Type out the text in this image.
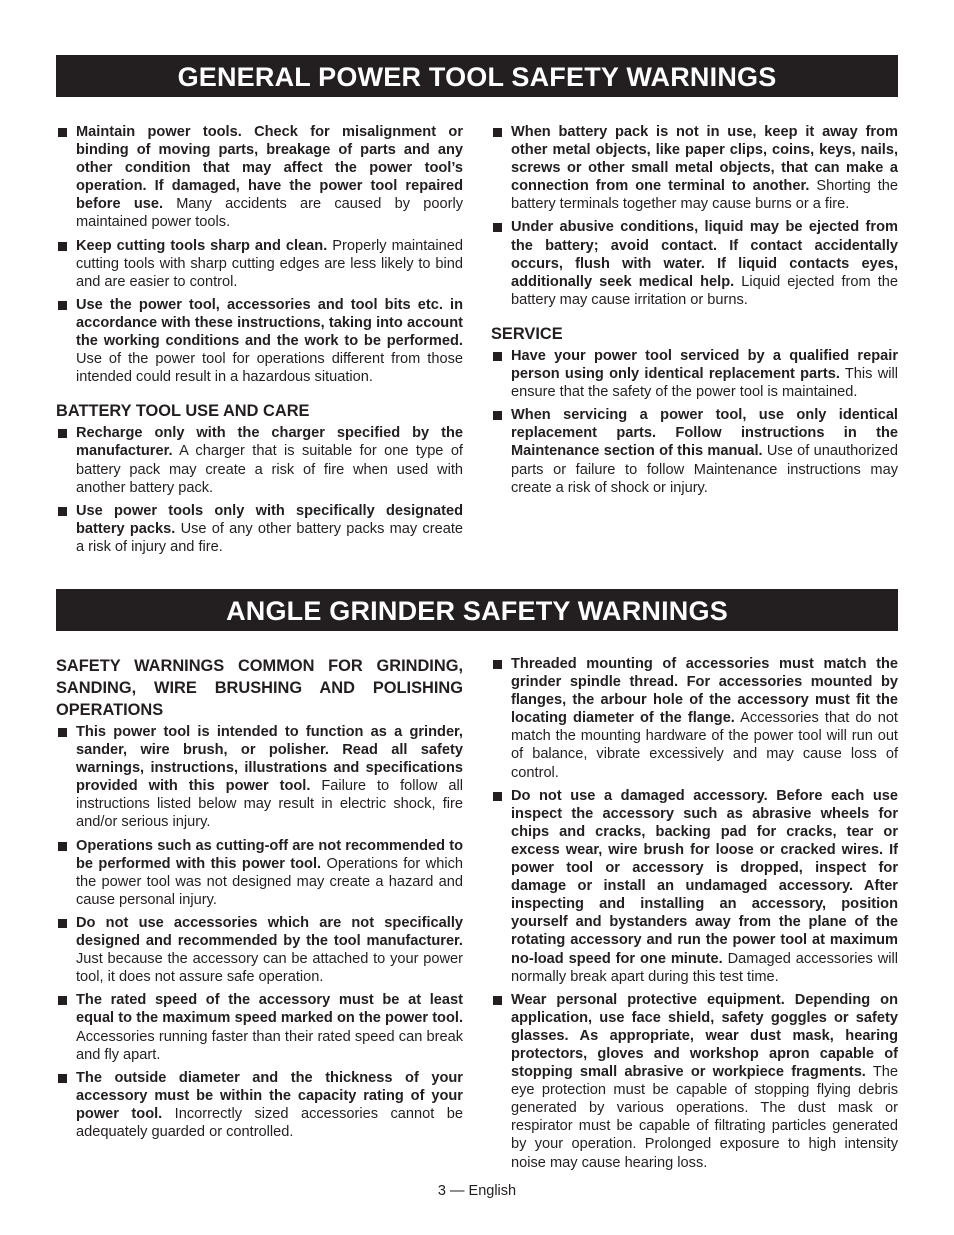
GENERAL POWER TOOL SAFETY WARNINGS

Maintain power tools. Check for misalignment or binding of moving parts, breakage of parts and any other condition that may affect the power tool’s operation. If damaged, have the power tool repaired before use. Many accidents are caused by poorly maintained power tools.

Keep cutting tools sharp and clean. Properly maintained cutting tools with sharp cutting edges are less likely to bind and are easier to control.

Use the power tool, accessories and tool bits etc. in accordance with these instructions, taking into account the working conditions and the work to be performed. Use of the power tool for operations different from those intended could result in a hazardous situation.

BATTERY TOOL USE AND CARE

Recharge only with the charger specified by the manufacturer. A charger that is suitable for one type of battery pack may create a risk of fire when used with another battery pack.

Use power tools only with specifically designated battery packs. Use of any other battery packs may create a risk of injury and fire.

When battery pack is not in use, keep it away from other metal objects, like paper clips, coins, keys, nails, screws or other small metal objects, that can make a connection from one terminal to another. Shorting the battery terminals together may cause burns or a fire.

Under abusive conditions, liquid may be ejected from the battery; avoid contact. If contact accidentally occurs, flush with water. If liquid contacts eyes, additionally seek medical help. Liquid ejected from the battery may cause irritation or burns.

SERVICE

Have your power tool serviced by a qualified repair person using only identical replacement parts. This will ensure that the safety of the power tool is maintained.

When servicing a power tool, use only identical replacement parts. Follow instructions in the Maintenance section of this manual. Use of unauthorized parts or failure to follow Maintenance instructions may create a risk of shock or injury.

ANGLE GRINDER SAFETY WARNINGS
SAFETY WARNINGS COMMON FOR GRINDING, SANDING, WIRE BRUSHING AND POLISHING OPERATIONS

This power tool is intended to function as a grinder, sander, wire brush, or polisher. Read all safety warnings, instructions, illustrations and specifications provided with this power tool. Failure to follow all instructions listed below may result in electric shock, fire and/or serious injury.

Operations such as cutting-off are not recommended to be performed with this power tool. Operations for which the power tool was not designed may create a hazard and cause personal injury.

Do not use accessories which are not specifically designed and recommended by the tool manufacturer. Just because the accessory can be attached to your power tool, it does not assure safe operation.

The rated speed of the accessory must be at least equal to the maximum speed marked on the power tool. Accessories running faster than their rated speed can break and fly apart.

The outside diameter and the thickness of your accessory must be within the capacity rating of your power tool. Incorrectly sized accessories cannot be adequately guarded or controlled.

Threaded mounting of accessories must match the grinder spindle thread. For accessories mounted by flanges, the arbour hole of the accessory must fit the locating diameter of the flange. Accessories that do not match the mounting hardware of the power tool will run out of balance, vibrate excessively and may cause loss of control.

Do not use a damaged accessory. Before each use inspect the accessory such as abrasive wheels for chips and cracks, backing pad for cracks, tear or excess wear, wire brush for loose or cracked wires. If power tool or accessory is dropped, inspect for damage or install an undamaged accessory. After inspecting and installing an accessory, position yourself and bystanders away from the plane of the rotating accessory and run the power tool at maximum no-load speed for one minute. Damaged accessories will normally break apart during this test time.

Wear personal protective equipment. Depending on application, use face shield, safety goggles or safety glasses. As appropriate, wear dust mask, hearing protectors, gloves and workshop apron capable of stopping small abrasive or workpiece fragments. The eye protection must be capable of stopping flying debris generated by various operations. The dust mask or respirator must be capable of filtrating particles generated by your operation. Prolonged exposure to high intensity noise may cause hearing loss.

3 — English
